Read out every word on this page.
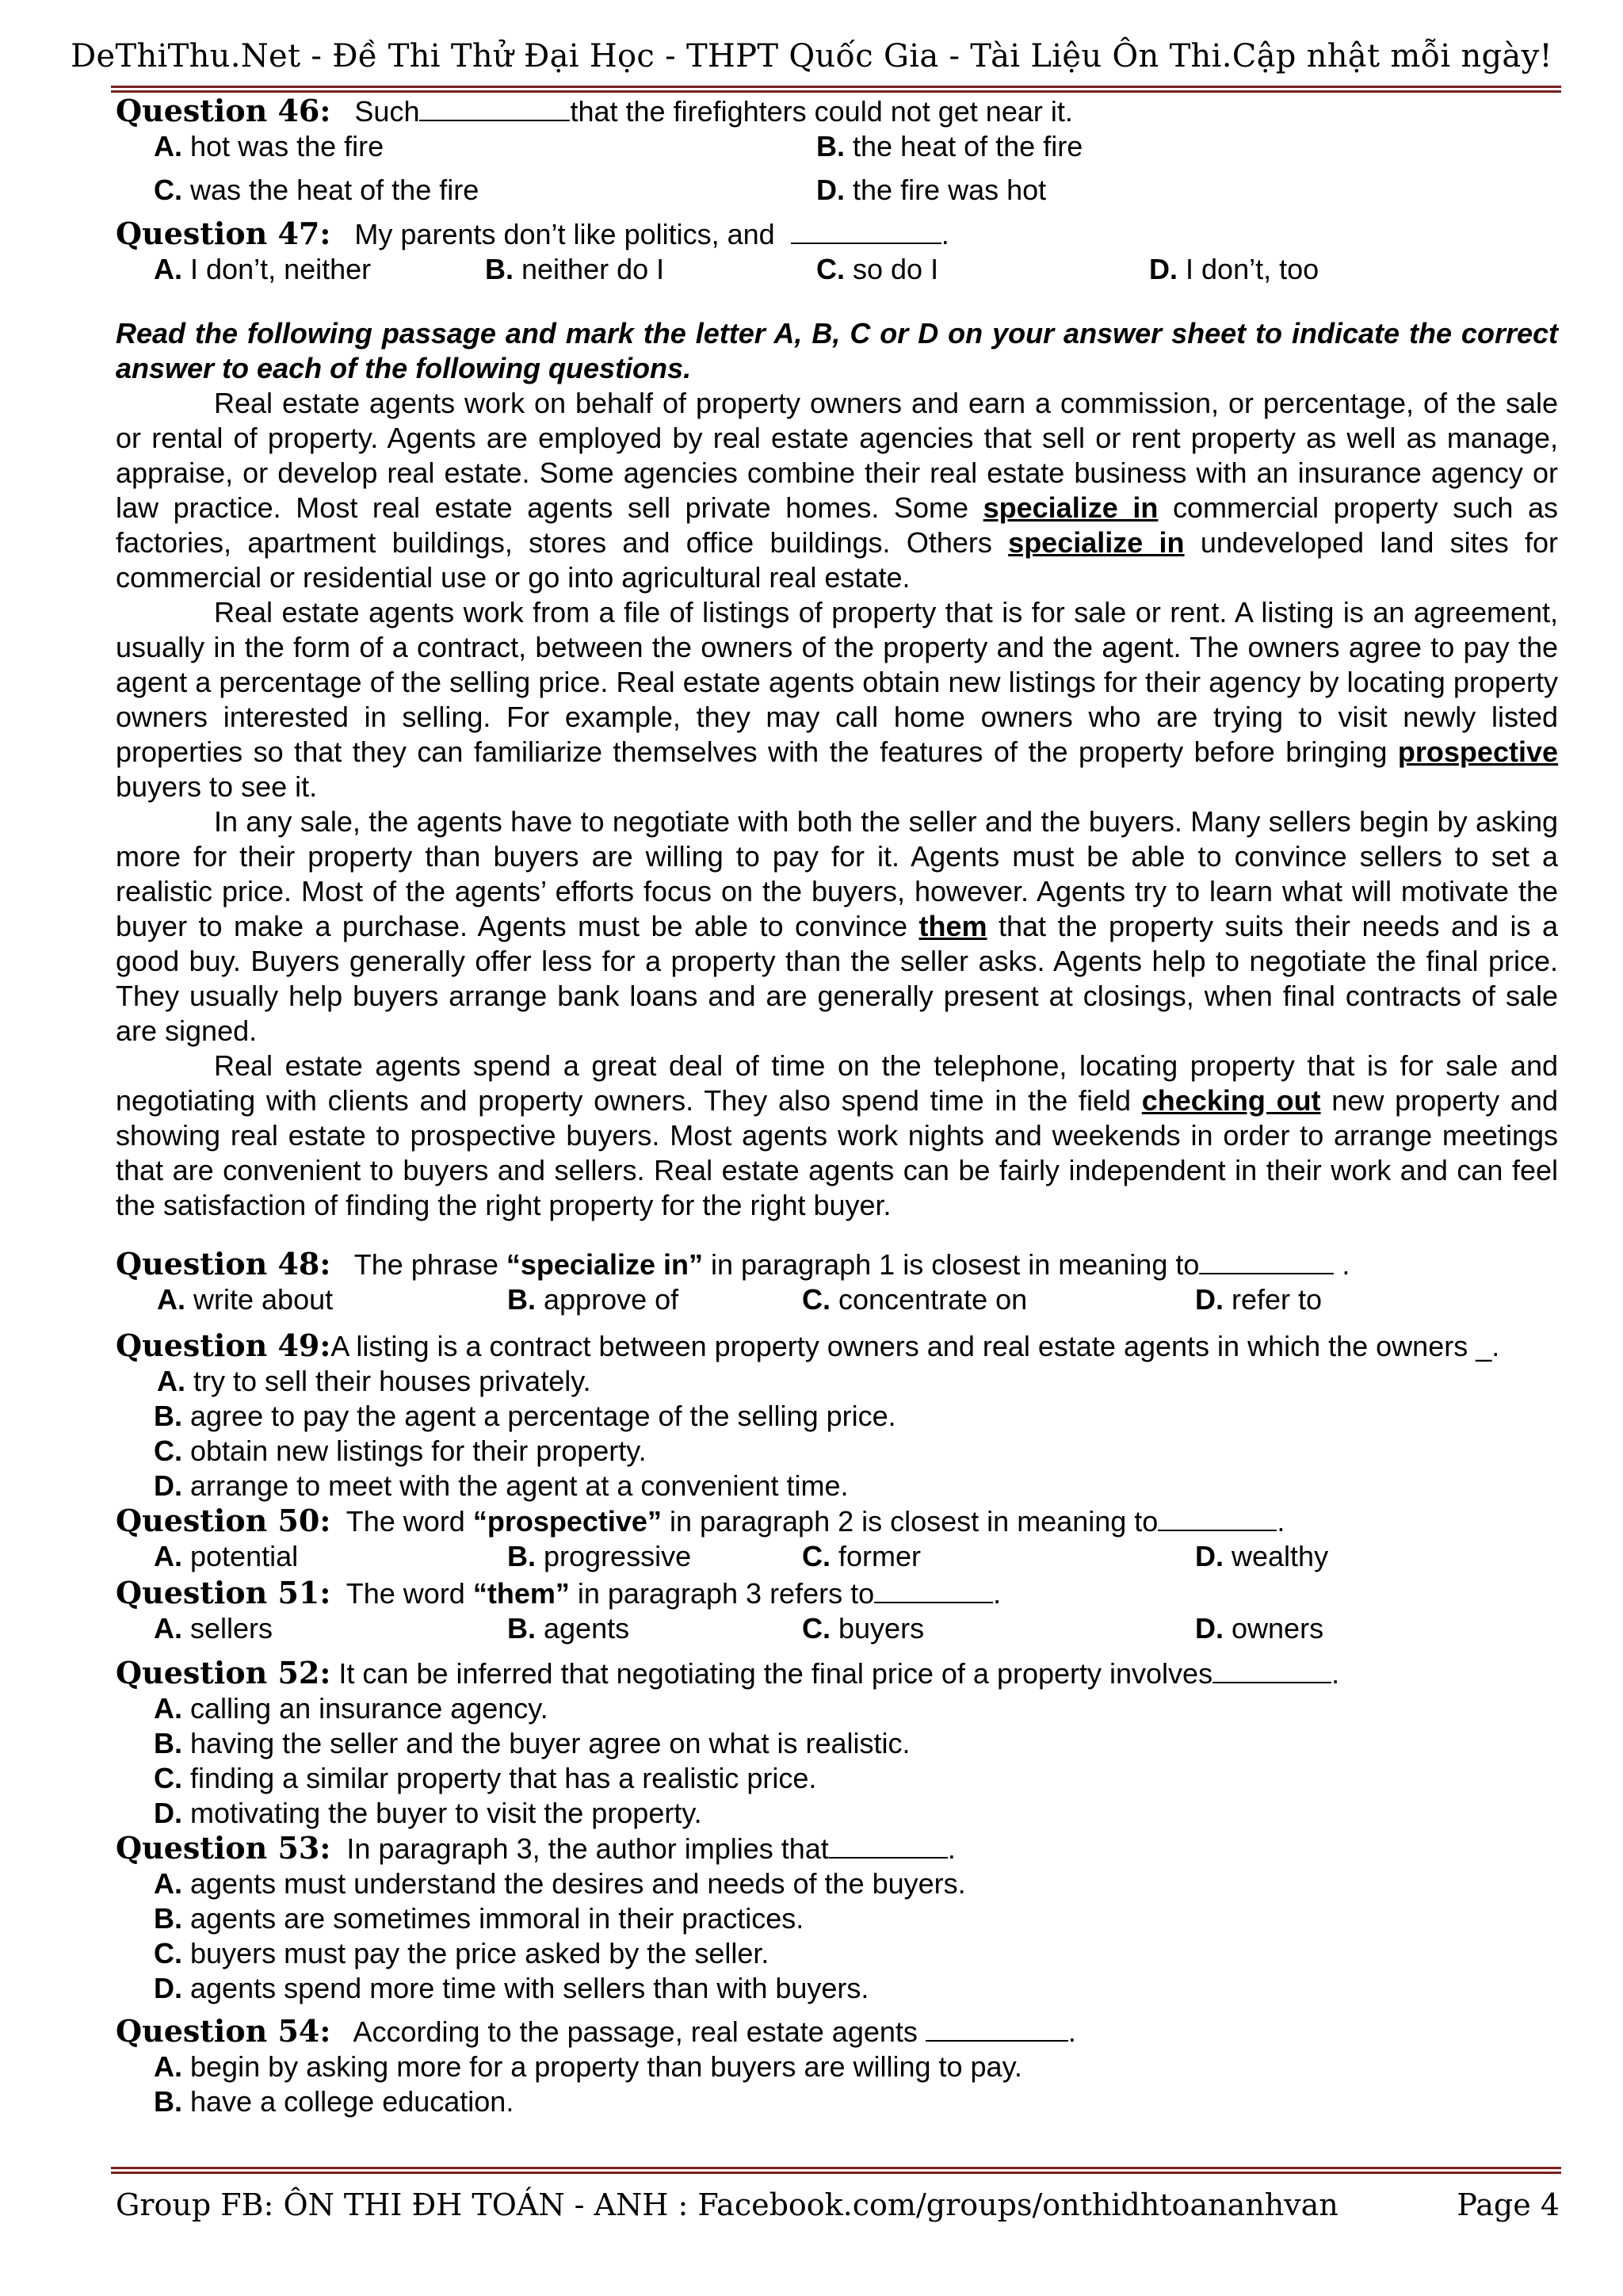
DeThiThu.Net - Đề Thi Thử Đại Học - THPT Quốc Gia - Tài Liệu Ôn Thi.Cập nhật mỗi ngày!
Question 46: Such	that the firefighters could not get near it.
A. hot was the fire	B. the heat of the fire
C. was the heat of the fire	D. the fire was hot
Question 47: My parents don’t like politics, and	.
A. I don’t, neither	B. neither do I	C. so do I	D. I don’t, too
Read the following passage and mark the letter A, B, C or D on your answer sheet to indicate the correct answer to each of the following questions.

Real estate agents work on behalf of property owners and earn a commission, or percentage, of the sale or rental of property. Agents are employed by real estate agencies that sell or rent property as well as manage, appraise, or develop real estate. Some agencies combine their real estate business with an insurance agency or law practice. Most real estate agents sell private homes. Some specialize in commercial property such as factories, apartment buildings, stores and office buildings. Others specialize in undeveloped land sites for commercial or residential use or go into agricultural real estate.

Real estate agents work from a file of listings of property that is for sale or rent. A listing is an agreement, usually in the form of a contract, between the owners of the property and the agent. The owners agree to pay the agent a percentage of the selling price. Real estate agents obtain new listings for their agency by locating property owners interested in selling. For example, they may call home owners who are trying to visit newly listed properties so that they can familiarize themselves with the features of the property before bringing prospective buyers to see it.

In any sale, the agents have to negotiate with both the seller and the buyers. Many sellers begin by asking more for their property than buyers are willing to pay for it. Agents must be able to convince sellers to set a realistic price. Most of the agents’ efforts focus on the buyers, however. Agents try to learn what will motivate the buyer to make a purchase. Agents must be able to convince them that the property suits their needs and is a good buy. Buyers generally offer less for a property than the seller asks. Agents help to negotiate the final price. They usually help buyers arrange bank loans and are generally present at closings, when final contracts of sale are signed.

Real estate agents spend a great deal of time on the telephone, locating property that is for sale and negotiating with clients and property owners. They also spend time in the field checking out new property and showing real estate to prospective buyers. Most agents work nights and weekends in order to arrange meetings that are convenient to buyers and sellers. Real estate agents can be fairly independent in their work and can feel the satisfaction of finding the right property for the right buyer.

Question 48: The phrase “specialize in” in paragraph 1 is closest in meaning to	.
A. write about	B. approve of	C. concentrate on	D. refer to
Question 49:A listing is a contract between property owners and real estate agents in which the owners _.
A. try to sell their houses privately.
B. agree to pay the agent a percentage of the selling price.
C. obtain new listings for their property.
D. arrange to meet with the agent at a convenient time.
Question 50: The word “prospective” in paragraph 2 is closest in meaning to	.
A. potential	B. progressive	C. former	D. wealthy
Question 51: The word “them” in paragraph 3 refers to	.
A. sellers	B. agents	C. buyers	D. owners
Question 52: It can be inferred that negotiating the final price of a property involves	.
A. calling an insurance agency.
B. having the seller and the buyer agree on what is realistic.
C. finding a similar property that has a realistic price.
D. motivating the buyer to visit the property.
Question 53: In paragraph 3, the author implies that	.
A. agents must understand the desires and needs of the buyers.
B. agents are sometimes immoral in their practices.
C. buyers must pay the price asked by the seller.
D. agents spend more time with sellers than with buyers.
Question 54: According to the passage, real estate agents	.
A. begin by asking more for a property than buyers are willing to pay.
B. have a college education.
Group FB: ÔN THI ĐH TOÁN - ANH : Facebook.com/groups/onthidhtoananhvan	Page 4
